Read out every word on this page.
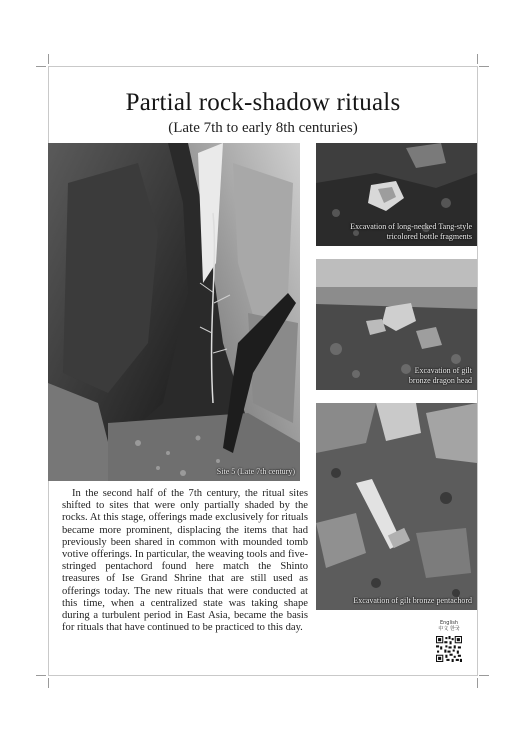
Partial rock-shadow rituals
(Late 7th to early 8th centuries)
Site 5 (Late 7th century)
Excavation of long-necked Tang-style
tricolored bottle fragments
Excavation of gilt
bronze dragon head
Excavation of gilt bronze pentachord

In the second half of the 7th century, the ritual sites shifted to sites that were only partially shaded by the rocks. At this stage, offerings made exclusively for rituals became more prominent, displacing the items that had previously been shared in common with mounded tomb votive offerings. In particular, the weaving tools and five-stringed pentachord found here match the Shinto treasures of Ise Grand Shrine that are still used as offerings today. The new rituals that were conducted at this time, when a centralized state was taking shape during a turbulent period in East Asia, became the basis for rituals that have continued to be practiced to this day.	English
中文 한국
